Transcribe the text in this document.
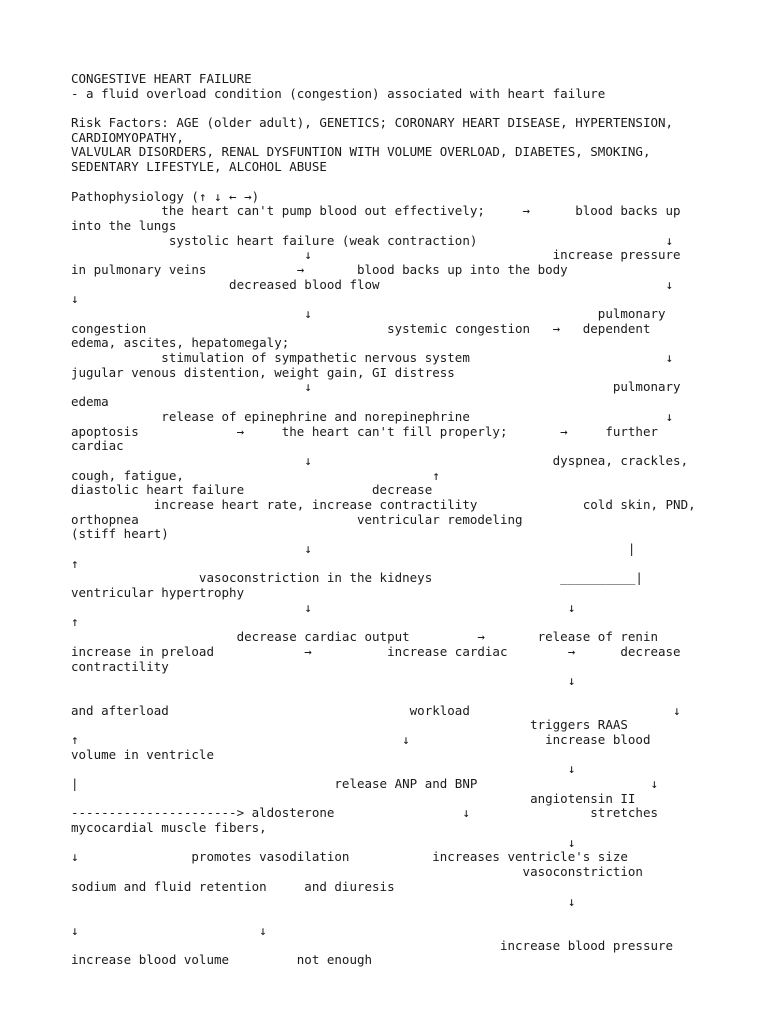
CONGESTIVE HEART FAILURE
- a fluid overload condition (congestion) associated with heart failure
Risk Factors: AGE (older adult), GENETICS; CORONARY HEART DISEASE, HYPERTENSION,
CARDIOMYOPATHY,
VALVULAR DISORDERS, RENAL DYSFUNTION WITH VOLUME OVERLOAD, DIABETES, SMOKING,
SEDENTARY LIFESTYLE, ALCOHOL ABUSE
Pathophysiology (↑ ↓ ← →)
the heart can't pump blood out effectively;     →      blood backs up
into the lungs
systolic heart failure (weak contraction)                         ↓
↓                                increase pressure
in pulmonary veins            →       blood backs up into the body
decreased blood flow                                      ↓
↓
↓                                      pulmonary
congestion                                systemic congestion   →   dependent
edema, ascites, hepatomegaly;
stimulation of sympathetic nervous system                          ↓
jugular venous distention, weight gain, GI distress
↓                                        pulmonary
edema
release of epinephrine and norepinephrine                          ↓
apoptosis             →     the heart can't fill properly;       →     further
cardiac
↓                                dyspnea, crackles,
cough, fatigue,                                 ↑
diastolic heart failure                 decrease
increase heart rate, increase contractility              cold skin, PND,
orthopnea                             ventricular remodeling
(stiff heart)
↓                                          |
↑
vasoconstriction in the kidneys                 __________|
ventricular hypertrophy
↓                                  ↓
↑
decrease cardiac output         →       release of renin
increase in preload            →          increase cardiac        →      decrease
contractility
↓
and afterload                                workload                           ↓
triggers RAAS
↑                                           ↓                  increase blood
volume in ventricle
↓
|                                  release ANP and BNP                       ↓
angiotensin II
----------------------> aldosterone                 ↓                stretches
mycocardial muscle fibers,
↓
↓               promotes vasodilation           increases ventricle's size
vasoconstriction
sodium and fluid retention     and diuresis
↓
↓                        ↓
increase blood pressure
increase blood volume         not enough
